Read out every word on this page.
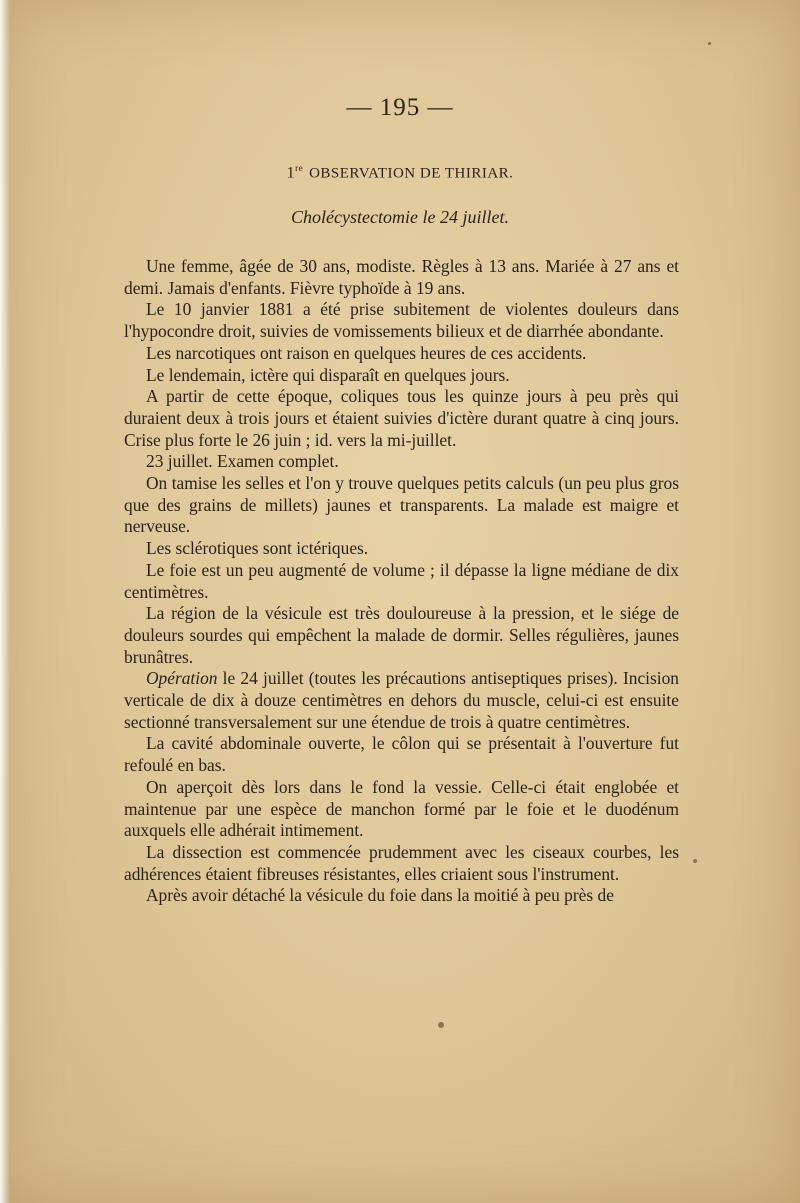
— 195 —
1re OBSERVATION DE THIRIAR.
Cholécystectomie le 24 juillet.

Une femme, âgée de 30 ans, modiste. Règles à 13 ans. Mariée à 27 ans et demi. Jamais d'enfants. Fièvre typhoïde à 19 ans.

Le 10 janvier 1881 a été prise subitement de violentes douleurs dans l'hypocondre droit, suivies de vomissements bilieux et de diarrhée abondante.

Les narcotiques ont raison en quelques heures de ces accidents.

Le lendemain, ictère qui disparaît en quelques jours.

A partir de cette époque, coliques tous les quinze jours à peu près qui duraient deux à trois jours et étaient suivies d'ictère durant quatre à cinq jours. Crise plus forte le 26 juin ; id. vers la mi-juillet.

23 juillet. Examen complet.

On tamise les selles et l'on y trouve quelques petits calculs (un peu plus gros que des grains de millets) jaunes et transparents. La malade est maigre et nerveuse.

Les sclérotiques sont ictériques.

Le foie est un peu augmenté de volume ; il dépasse la ligne médiane de dix centimètres.

La région de la vésicule est très douloureuse à la pression, et le siége de douleurs sourdes qui empêchent la malade de dormir. Selles régulières, jaunes brunâtres.

Opération le 24 juillet (toutes les précautions antiseptiques prises). Incision verticale de dix à douze centimètres en dehors du muscle, celui-ci est ensuite sectionné transversalement sur une étendue de trois à quatre centimètres.

La cavité abdominale ouverte, le côlon qui se présentait à l'ouverture fut refoulé en bas.

On aperçoit dès lors dans le fond la vessie. Celle-ci était englobée et maintenue par une espèce de manchon formé par le foie et le duodénum auxquels elle adhérait intimement.

La dissection est commencée prudemment avec les ciseaux courbes, les adhérences étaient fibreuses résistantes, elles criaient sous l'instrument.

Après avoir détaché la vésicule du foie dans la moitié à peu près de
